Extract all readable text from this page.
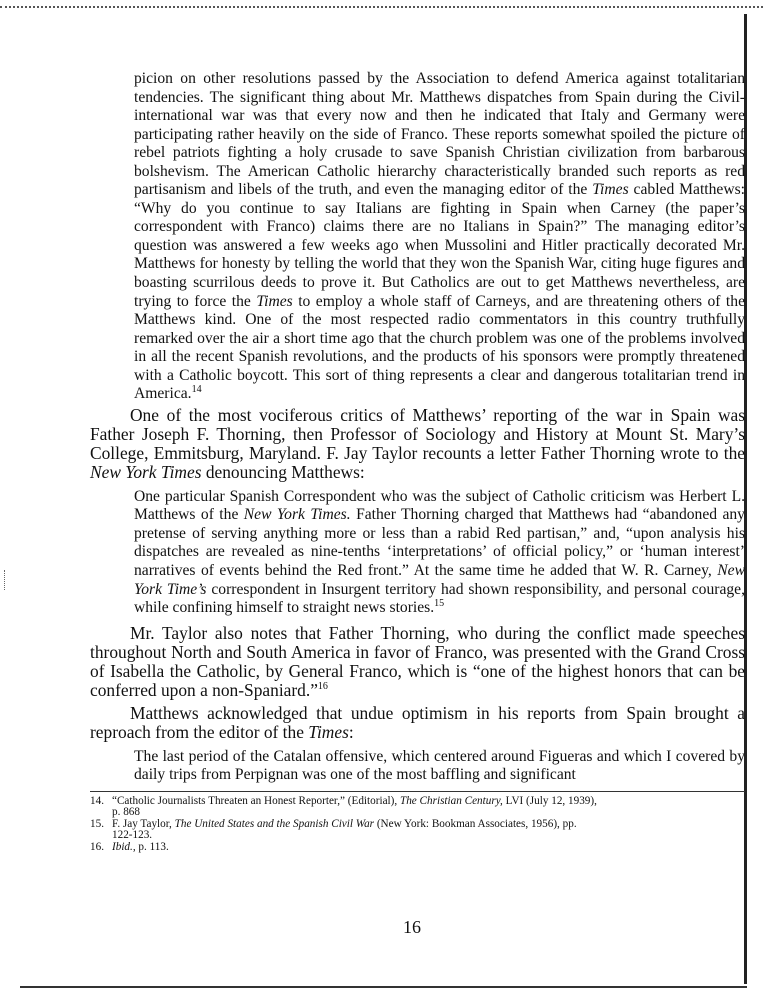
picion on other resolutions passed by the Association to defend America against totalitarian tendencies. The significant thing about Mr. Matthews dispatches from Spain during the Civil-international war was that every now and then he indicated that Italy and Germany were participating rather heavily on the side of Franco. These reports somewhat spoiled the picture of rebel patriots fighting a holy crusade to save Spanish Christian civilization from barbarous bolshevism. The American Catholic hierarchy characteristically branded such reports as red partisanism and libels of the truth, and even the managing editor of the Times cabled Matthews: “Why do you continue to say Italians are fighting in Spain when Carney (the paper’s correspondent with Franco) claims there are no Italians in Spain?” The managing editor’s question was answered a few weeks ago when Mussolini and Hitler practically decorated Mr. Matthews for honesty by telling the world that they won the Spanish War, citing huge figures and boasting scurrilous deeds to prove it. But Catholics are out to get Matthews nevertheless, are trying to force the Times to employ a whole staff of Carneys, and are threatening others of the Matthews kind. One of the most respected radio commentators in this country truthfully remarked over the air a short time ago that the church problem was one of the problems involved in all the recent Spanish revolutions, and the products of his sponsors were promptly threatened with a Catholic boycott. This sort of thing represents a clear and dangerous totalitarian trend in America.$^{14}$

One of the most vociferous critics of Matthews’ reporting of the war in Spain was Father Joseph F. Thorning, then Professor of Sociology and History at Mount St. Mary’s College, Emmitsburg, Maryland. F. Jay Taylor recounts a letter Father Thorning wrote to the New York Times denouncing Matthews:

One particular Spanish Correspondent who was the subject of Catholic criticism was Herbert L. Matthews of the New York Times. Father Thorning charged that Matthews had “abandoned any pretense of serving anything more or less than a rabid Red partisan,” and, “upon analysis his dispatches are revealed as nine-tenths ‘interpretations’ of official policy,” or ‘human interest’ narratives of events behind the Red front.” At the same time he added that W. R. Carney, New York Time’s correspondent in Insurgent territory had shown responsibility, and personal courage, while confining himself to straight news stories.$^{15}$

Mr. Taylor also notes that Father Thorning, who during the conflict made speeches throughout North and South America in favor of Franco, was presented with the Grand Cross of Isabella the Catholic, by General Franco, which is “one of the highest honors that can be conferred upon a non-Spaniard.”$^{16}$

Matthews acknowledged that undue optimism in his reports from Spain brought a reproach from the editor of the Times:

The last period of the Catalan offensive, which centered around Figueras and which I covered by daily trips from Perpignan was one of the most baffling and significant

14. “Catholic Journalists Threaten an Honest Reporter,” (Editorial), The Christian Century, LVI (July 12, 1939),
p. 868
15. F. Jay Taylor, The United States and the Spanish Civil War (New York: Bookman Associates, 1956), pp.
122-123.
16. Ibid., p. 113.
16
